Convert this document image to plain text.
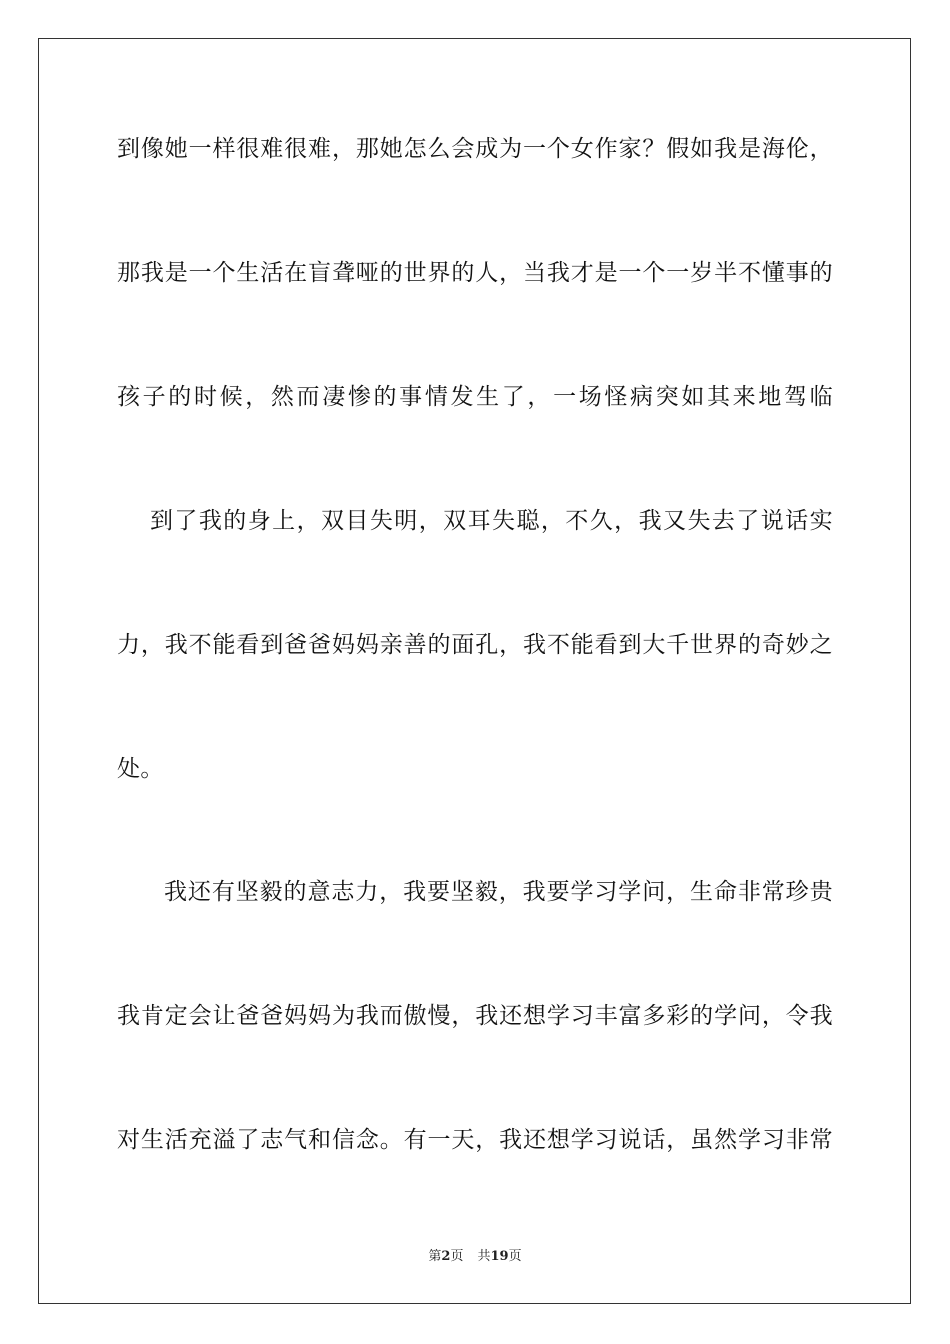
到像她一样很难很难，那她怎么会成为一个女作家？假如我是海伦，
那我是一个生活在盲聋哑的世界的人，当我才是一个一岁半不懂事的
孩子的时候，然而凄惨的事情发生了，一场怪病突如其来地驾临
到了我的身上，双目失明，双耳失聪，不久，我又失去了说话实
力，我不能看到爸爸妈妈亲善的面孔，我不能看到大千世界的奇妙之
处。
我还有坚毅的意志力，我要坚毅，我要学习学问，生命非常珍贵
我肯定会让爸爸妈妈为我而傲慢，我还想学习丰富多彩的学问，令我
对生活充溢了志气和信念。有一天，我还想学习说话，虽然学习非常
第2页 共19页
